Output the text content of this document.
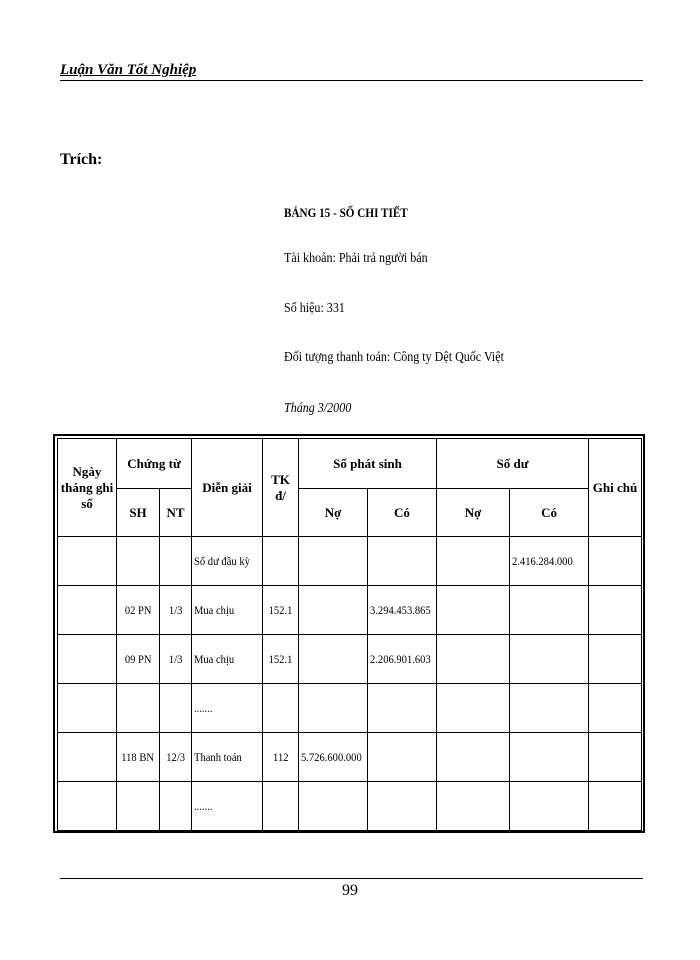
Luận Văn Tốt Nghiệp
Trích:
BẢNG 15 - SỔ CHI TIẾT
Tài khoản: Phải trả người bán
Số hiệu: 331
Đối tượng thanh toán: Công ty Dệt Quốc Việt
Tháng 3/2000
Ngày tháng ghi sổ	Chứng từ		Diễn giải	TK đ/	Số phát sinh		Số dư		Ghi chú
	SH	NT			Nợ	Có	Nợ	Có	
			Số dư đầu kỳ					2.416.284.000	
	02 PN	1/3	Mua chịu	152.1		3.294.453.865			
	09 PN	1/3	Mua chịu	152.1		2.206.901.603			
			.......						
	118 BN	12/3	Thanh toán	112	5.726.600.000				
			.......						
99
